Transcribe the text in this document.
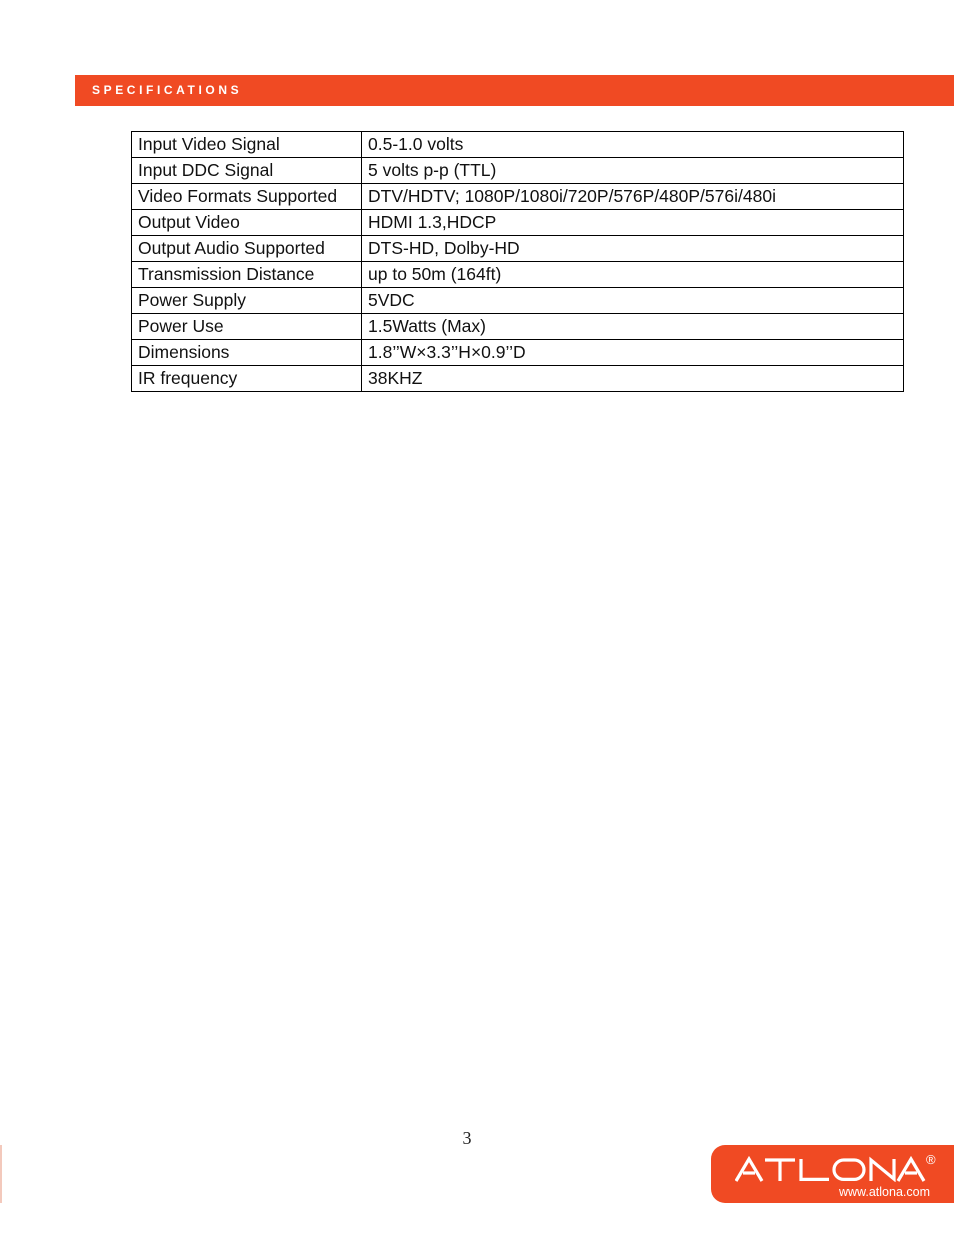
SPECIFICATIONS
Input Video Signal	0.5-1.0 volts
Input DDC Signal	5 volts p-p (TTL)
Video Formats Supported	DTV/HDTV; 1080P/1080i/720P/576P/480P/576i/480i
Output Video	HDMI 1.3,HDCP
Output Audio Supported	DTS-HD, Dolby-HD
Transmission Distance	up to 50m (164ft)
Power Supply	5VDC
Power Use	1.5Watts (Max)
Dimensions	1.8’’W×3.3’’H×0.9’’D
IR frequency	38KHZ
3
®
www.atlona.com
